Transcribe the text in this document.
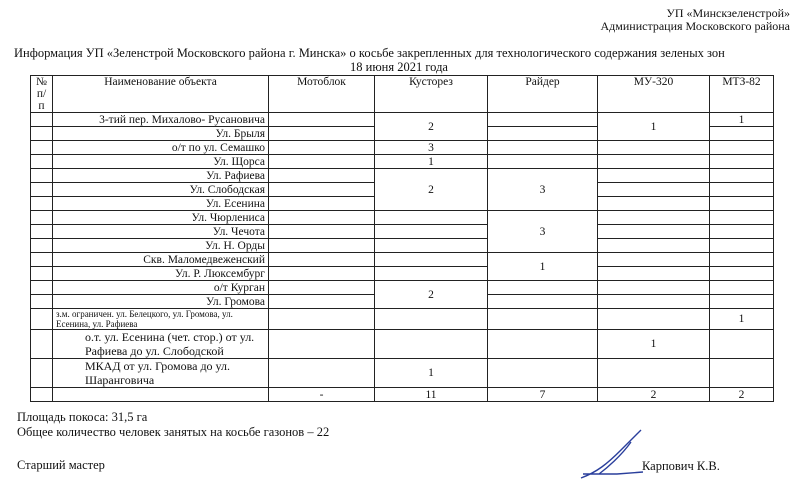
УП «Минскзеленстрой»
Администрация Московского района
Информация УП «Зеленстрой Московского района г. Минска» о косьбе закрепленных для технологического содержания зеленых зон
18 июня 2021 года
№ п/п	Наименование объекта	Мотоблок	Кусторез	Райдер	МУ-320	МТЗ-82
	3-тий пер. Михалово- Русановича		2		1	1
	Ул. Брыля					
	о/т по ул. Семашко		3			
	Ул. Щорса		1			
	Ул. Рафиева		2	3		
	Ул. Слободская					
	Ул. Есенина					
	Ул. Чюрлениса			3		
	Ул. Чечота					
	Ул. Н. Орды					
	Скв. Маломедвеженский			1		
	Ул. Р. Люксембург					
	о/т Курган		2			
	Ул. Громова					
	з.м. ограничен. ул. Белецкого, ул. Громова, ул. Есенина, ул. Рафиева					1
	о.т. ул. Есенина (чет. стор.) от ул. Рафиева до ул. Слободской				1	
	МКАД от ул. Громова до ул. Шаранговича		1			
		-	11	7	2	2
Площадь покоса: 31,5 га
Общее количество человек занятых на косьбе газонов – 22
Старший мастер	Карпович К.В.
